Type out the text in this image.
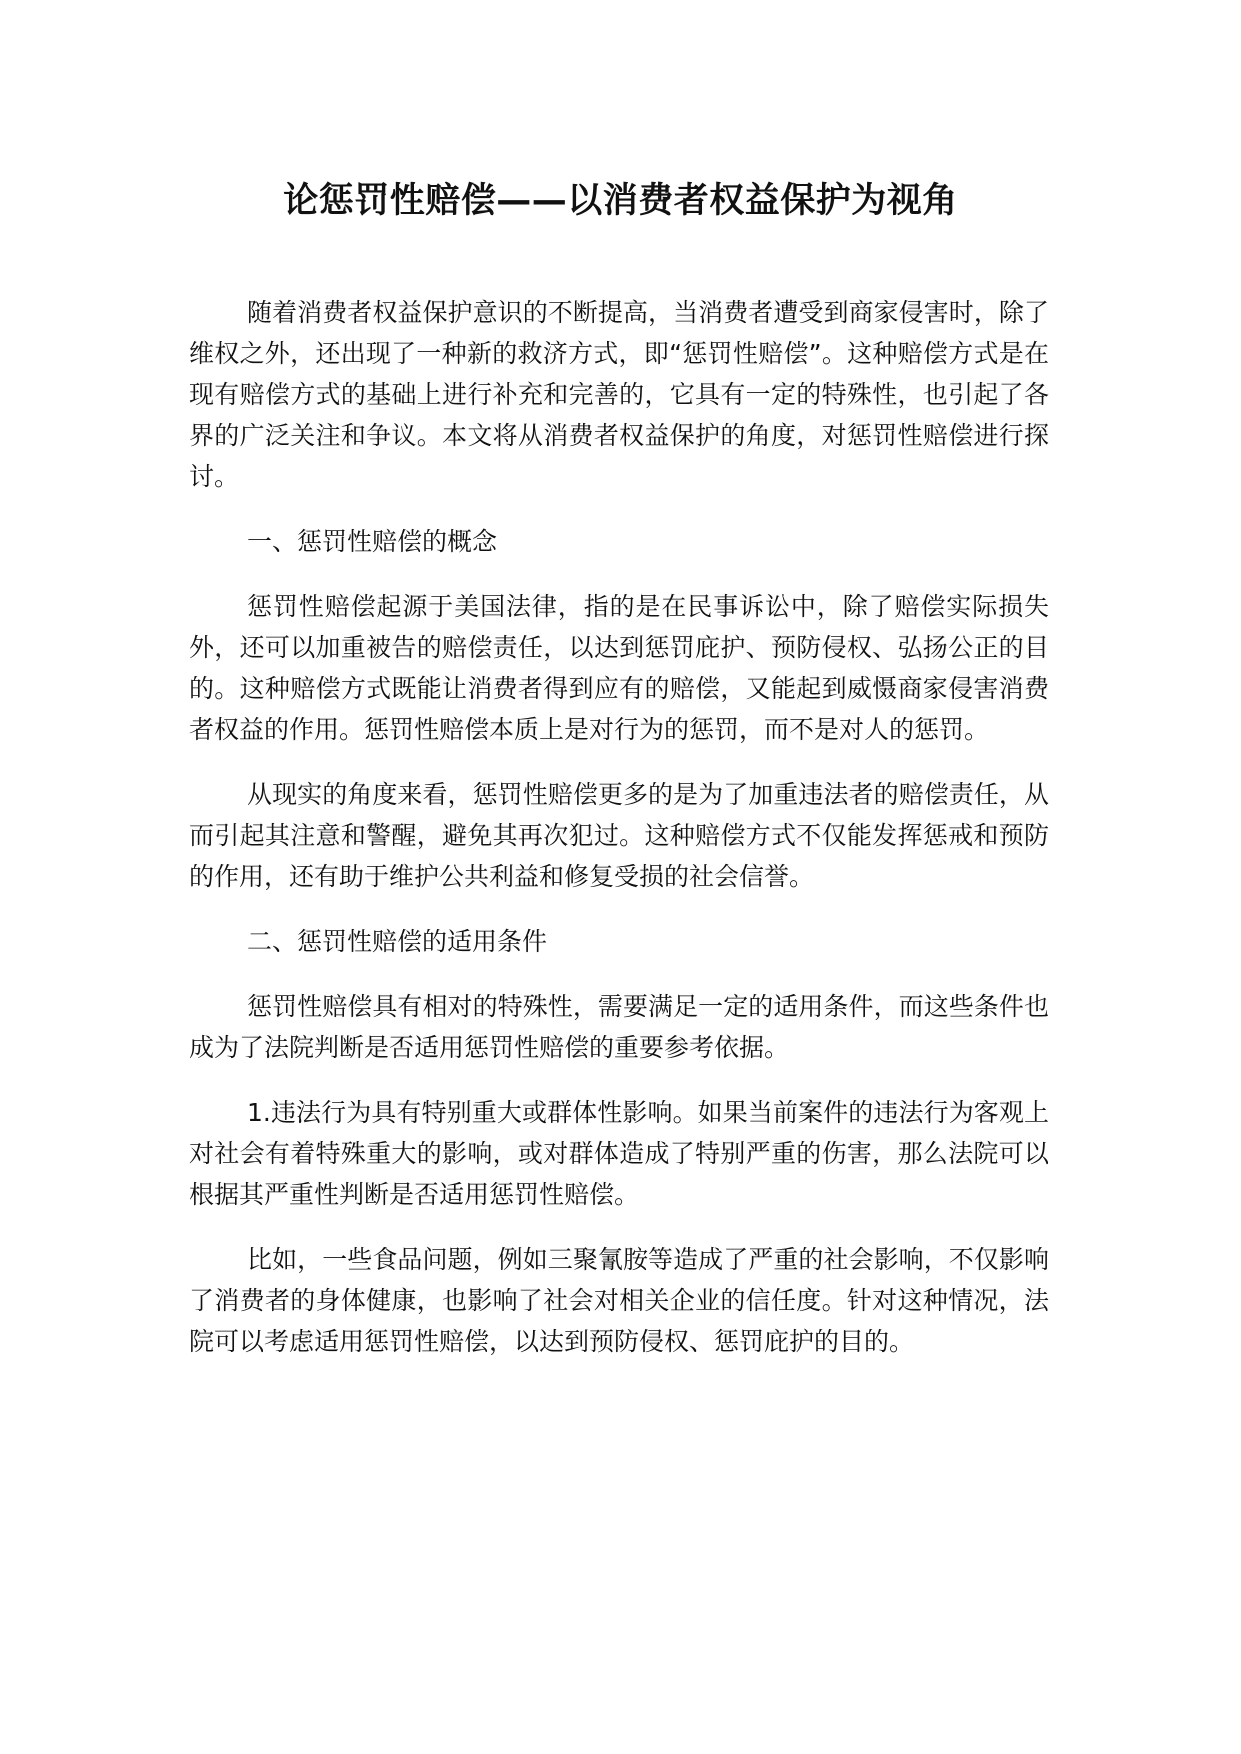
论惩罚性赔偿——以消费者权益保护为视角

随着消费者权益保护意识的不断提高，当消费者遭受到商家侵害时，除了维权之外，还出现了一种新的救济方式，即“惩罚性赔偿”。这种赔偿方式是在现有赔偿方式的基础上进行补充和完善的，它具有一定的特殊性，也引起了各界的广泛关注和争议。本文将从消费者权益保护的角度，对惩罚性赔偿进行探讨。

一、惩罚性赔偿的概念

惩罚性赔偿起源于美国法律，指的是在民事诉讼中，除了赔偿实际损失外，还可以加重被告的赔偿责任，以达到惩罚庇护、预防侵权、弘扬公正的目的。这种赔偿方式既能让消费者得到应有的赔偿，又能起到威慑商家侵害消费者权益的作用。惩罚性赔偿本质上是对行为的惩罚，而不是对人的惩罚。

从现实的角度来看，惩罚性赔偿更多的是为了加重违法者的赔偿责任，从而引起其注意和警醒，避免其再次犯过。这种赔偿方式不仅能发挥惩戒和预防的作用，还有助于维护公共利益和修复受损的社会信誉。

二、惩罚性赔偿的适用条件

惩罚性赔偿具有相对的特殊性，需要满足一定的适用条件，而这些条件也成为了法院判断是否适用惩罚性赔偿的重要参考依据。

1.违法行为具有特别重大或群体性影响。如果当前案件的违法行为客观上对社会有着特殊重大的影响，或对群体造成了特别严重的伤害，那么法院可以根据其严重性判断是否适用惩罚性赔偿。

比如，一些食品问题，例如三聚氰胺等造成了严重的社会影响，不仅影响了消费者的身体健康，也影响了社会对相关企业的信任度。针对这种情况，法院可以考虑适用惩罚性赔偿，以达到预防侵权、惩罚庇护的目的。
